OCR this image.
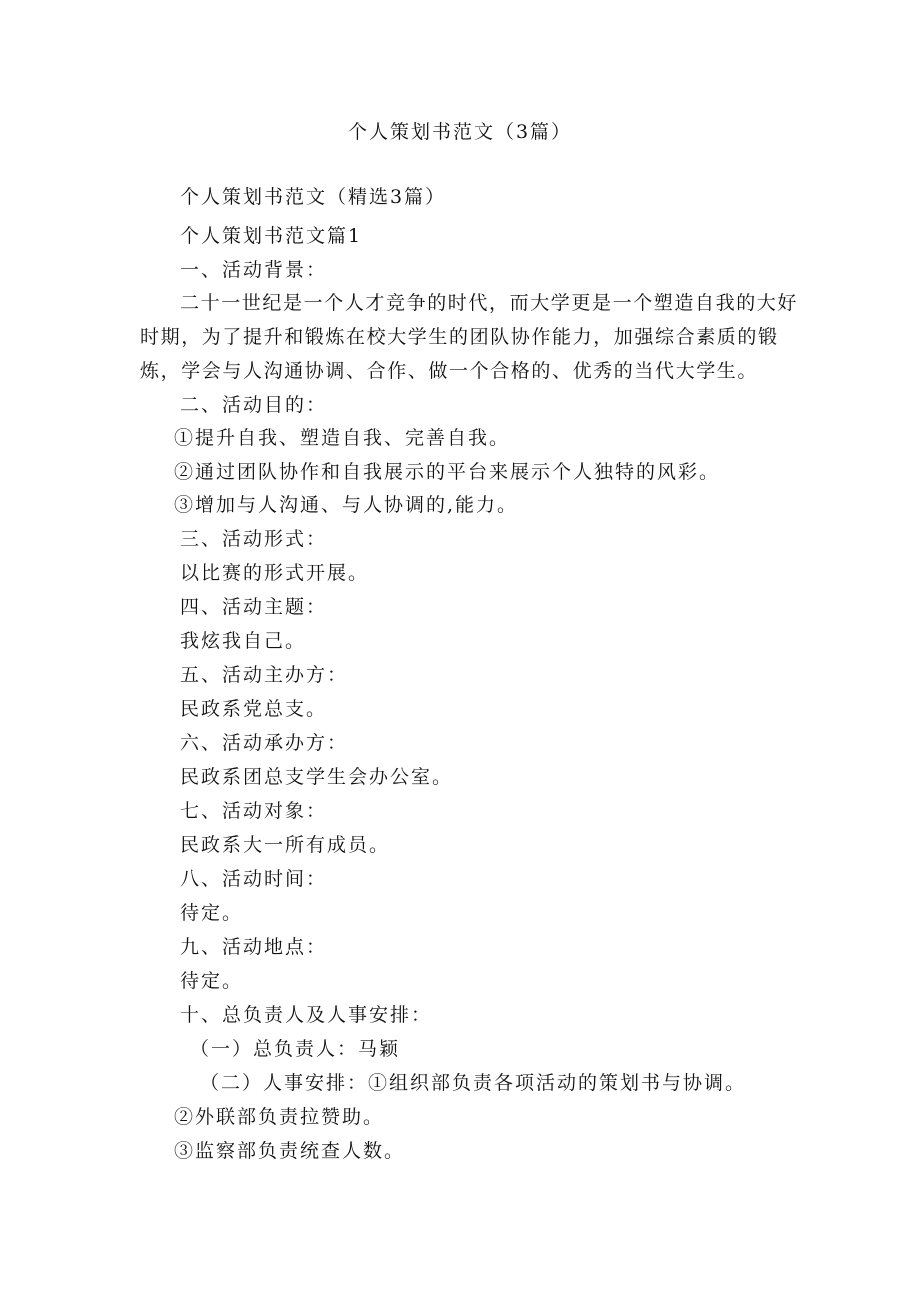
个人策划书范文（3篇）
个人策划书范文（精选3篇）
个人策划书范文篇1
一、活动背景：
二十一世纪是一个人才竞争的时代，而大学更是一个塑造自我的大好时期，为了提升和锻炼在校大学生的团队协作能力，加强综合素质的锻炼，学会与人沟通协调、合作、做一个合格的、优秀的当代大学生。
二、活动目的：
①提升自我、塑造自我、完善自我。
②通过团队协作和自我展示的平台来展示个人独特的风彩。
③增加与人沟通、与人协调的,能力。
三、活动形式：
以比赛的形式开展。
四、活动主题：
我炫我自己。
五、活动主办方：
民政系党总支。
六、活动承办方：
民政系团总支学生会办公室。
七、活动对象：
民政系大一所有成员。
八、活动时间：
待定。
九、活动地点：
待定。
十、总负责人及人事安排：
（一）总负责人：马颖
（二）人事安排：①组织部负责各项活动的策划书与协调。
②外联部负责拉赞助。
③监察部负责统查人数。
